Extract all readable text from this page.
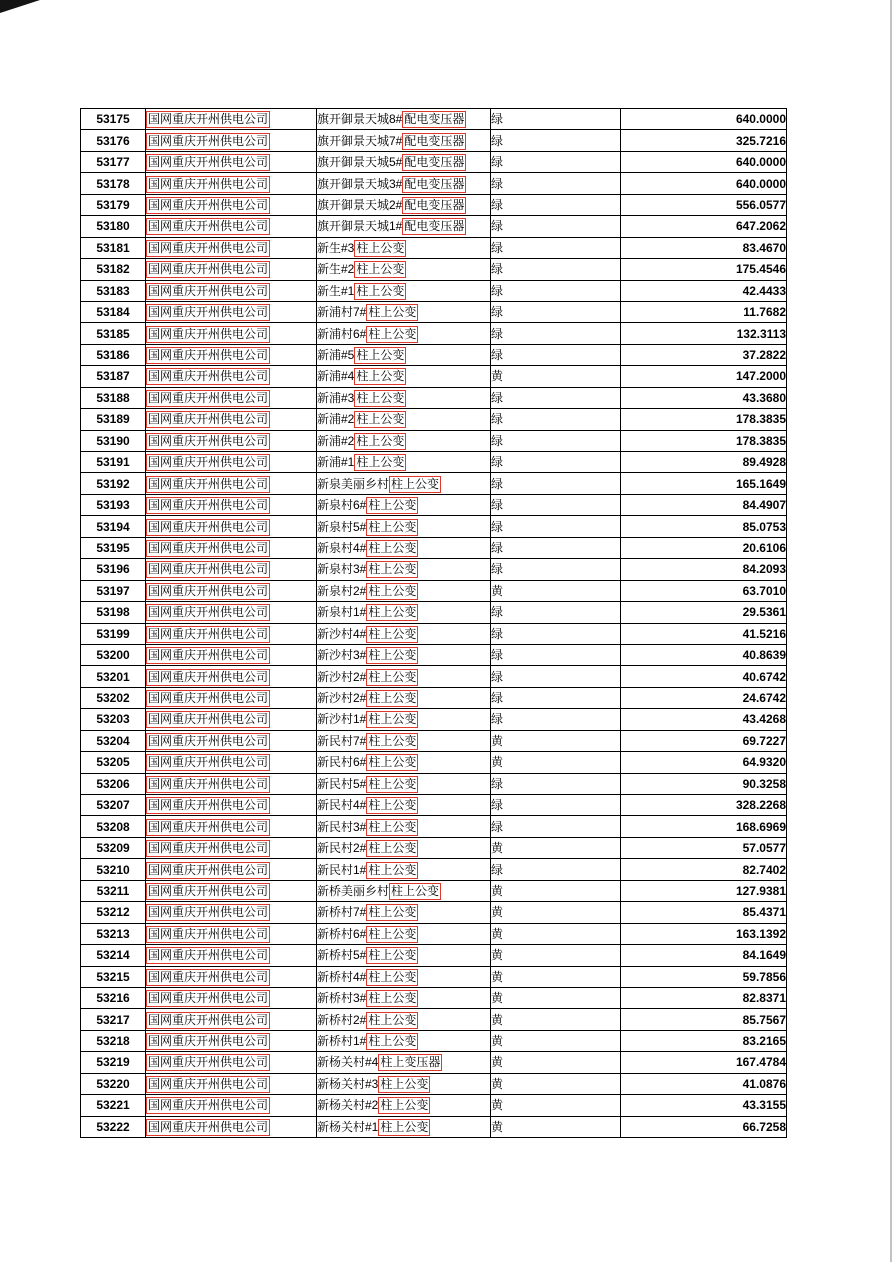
53175	国网重庆开州供电公司	旗开御景天城8# 配电变压器	绿	640.0000
53176	国网重庆开州供电公司	旗开御景天城7# 配电变压器	绿	325.7216
53177	国网重庆开州供电公司	旗开御景天城5# 配电变压器	绿	640.0000
53178	国网重庆开州供电公司	旗开御景天城3# 配电变压器	绿	640.0000
53179	国网重庆开州供电公司	旗开御景天城2# 配电变压器	绿	556.0577
53180	国网重庆开州供电公司	旗开御景天城1# 配电变压器	绿	647.2062
53181	国网重庆开州供电公司	新生#3 柱上公变	绿	83.4670
53182	国网重庆开州供电公司	新生#2 柱上公变	绿	175.4546
53183	国网重庆开州供电公司	新生#1 柱上公变	绿	42.4433
53184	国网重庆开州供电公司	新浦村7# 柱上公变	绿	11.7682
53185	国网重庆开州供电公司	新浦村6# 柱上公变	绿	132.3113
53186	国网重庆开州供电公司	新浦#5 柱上公变	绿	37.2822
53187	国网重庆开州供电公司	新浦#4 柱上公变	黄	147.2000
53188	国网重庆开州供电公司	新浦#3 柱上公变	绿	43.3680
53189	国网重庆开州供电公司	新浦#2 柱上公变	绿	178.3835
53190	国网重庆开州供电公司	新浦#2 柱上公变	绿	178.3835
53191	国网重庆开州供电公司	新浦#1 柱上公变	绿	89.4928
53192	国网重庆开州供电公司	新泉美丽乡村 柱上公变	绿	165.1649
53193	国网重庆开州供电公司	新泉村6# 柱上公变	绿	84.4907
53194	国网重庆开州供电公司	新泉村5# 柱上公变	绿	85.0753
53195	国网重庆开州供电公司	新泉村4# 柱上公变	绿	20.6106
53196	国网重庆开州供电公司	新泉村3# 柱上公变	绿	84.2093
53197	国网重庆开州供电公司	新泉村2# 柱上公变	黄	63.7010
53198	国网重庆开州供电公司	新泉村1# 柱上公变	绿	29.5361
53199	国网重庆开州供电公司	新沙村4# 柱上公变	绿	41.5216
53200	国网重庆开州供电公司	新沙村3# 柱上公变	绿	40.8639
53201	国网重庆开州供电公司	新沙村2# 柱上公变	绿	40.6742
53202	国网重庆开州供电公司	新沙村2# 柱上公变	绿	24.6742
53203	国网重庆开州供电公司	新沙村1# 柱上公变	绿	43.4268
53204	国网重庆开州供电公司	新民村7# 柱上公变	黄	69.7227
53205	国网重庆开州供电公司	新民村6# 柱上公变	黄	64.9320
53206	国网重庆开州供电公司	新民村5# 柱上公变	绿	90.3258
53207	国网重庆开州供电公司	新民村4# 柱上公变	绿	328.2268
53208	国网重庆开州供电公司	新民村3# 柱上公变	绿	168.6969
53209	国网重庆开州供电公司	新民村2# 柱上公变	黄	57.0577
53210	国网重庆开州供电公司	新民村1# 柱上公变	绿	82.7402
53211	国网重庆开州供电公司	新桥美丽乡村 柱上公变	黄	127.9381
53212	国网重庆开州供电公司	新桥村7# 柱上公变	黄	85.4371
53213	国网重庆开州供电公司	新桥村6# 柱上公变	黄	163.1392
53214	国网重庆开州供电公司	新桥村5# 柱上公变	黄	84.1649
53215	国网重庆开州供电公司	新桥村4# 柱上公变	黄	59.7856
53216	国网重庆开州供电公司	新桥村3# 柱上公变	黄	82.8371
53217	国网重庆开州供电公司	新桥村2# 柱上公变	黄	85.7567
53218	国网重庆开州供电公司	新桥村1# 柱上公变	黄	83.2165
53219	国网重庆开州供电公司	新杨关村#4 柱上变压器	黄	167.4784
53220	国网重庆开州供电公司	新杨关村#3 柱上公变	黄	41.0876
53221	国网重庆开州供电公司	新杨关村#2 柱上公变	黄	43.3155
53222	国网重庆开州供电公司	新杨关村#1 柱上公变	黄	66.7258
